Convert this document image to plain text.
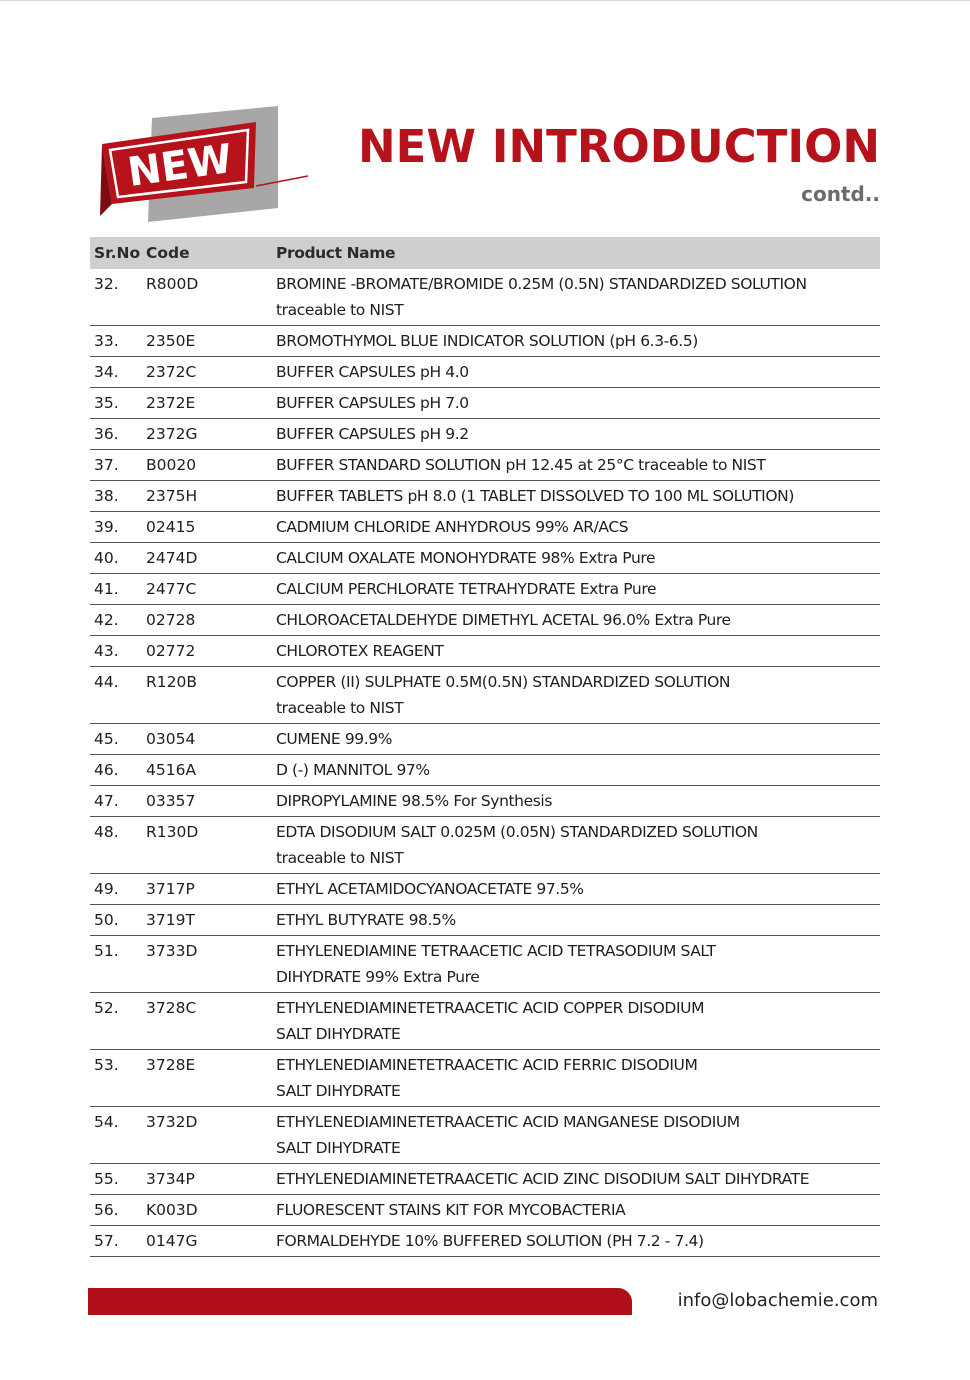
NEW	NEW INTRODUCTION
contd..
Sr.No Code	Product Name
32.	R800D	BROMINE -BROMATE/BROMIDE 0.25M (0.5N) STANDARDIZED SOLUTION
traceable to NIST
33.	2350E	BROMOTHYMOL BLUE INDICATOR SOLUTION (pH 6.3-6.5)
34.	2372C	BUFFER CAPSULES pH 4.0
35.	2372E	BUFFER CAPSULES pH 7.0
36.	2372G	BUFFER CAPSULES pH 9.2
37.	B0020	BUFFER STANDARD SOLUTION pH 12.45 at 25°C traceable to NIST
38.	2375H	BUFFER TABLETS pH 8.0 (1 TABLET DISSOLVED TO 100 ML SOLUTION)
39.	02415	CADMIUM CHLORIDE ANHYDROUS 99% AR/ACS
40.	2474D	CALCIUM OXALATE MONOHYDRATE 98% Extra Pure
41.	2477C	CALCIUM PERCHLORATE TETRAHYDRATE Extra Pure
42.	02728	CHLOROACETALDEHYDE DIMETHYL ACETAL 96.0% Extra Pure
43.	02772	CHLOROTEX REAGENT
44.	R120B	COPPER (II) SULPHATE 0.5M(0.5N) STANDARDIZED SOLUTION
traceable to NIST
45.	03054	CUMENE 99.9%
46.	4516A	D (-) MANNITOL 97%
47.	03357	DIPROPYLAMINE 98.5% For Synthesis
48.	R130D	EDTA DISODIUM SALT 0.025M (0.05N) STANDARDIZED SOLUTION
traceable to NIST
49.	3717P	ETHYL ACETAMIDOCYANOACETATE 97.5%
50.	3719T	ETHYL BUTYRATE 98.5%
51.	3733D	ETHYLENEDIAMINE TETRAACETIC ACID TETRASODIUM SALT
DIHYDRATE 99% Extra Pure
52.	3728C	ETHYLENEDIAMINETETRAACETIC ACID COPPER DISODIUM
SALT DIHYDRATE
53.	3728E	ETHYLENEDIAMINETETRAACETIC ACID FERRIC DISODIUM
SALT DIHYDRATE
54.	3732D	ETHYLENEDIAMINETETRAACETIC ACID MANGANESE DISODIUM
SALT DIHYDRATE
55.	3734P	ETHYLENEDIAMINETETRAACETIC ACID ZINC DISODIUM SALT DIHYDRATE
56.	K003D	FLUORESCENT STAINS KIT FOR MYCOBACTERIA
57.	0147G	FORMALDEHYDE 10% BUFFERED SOLUTION (PH 7.2 - 7.4)
info@lobachemie.com
